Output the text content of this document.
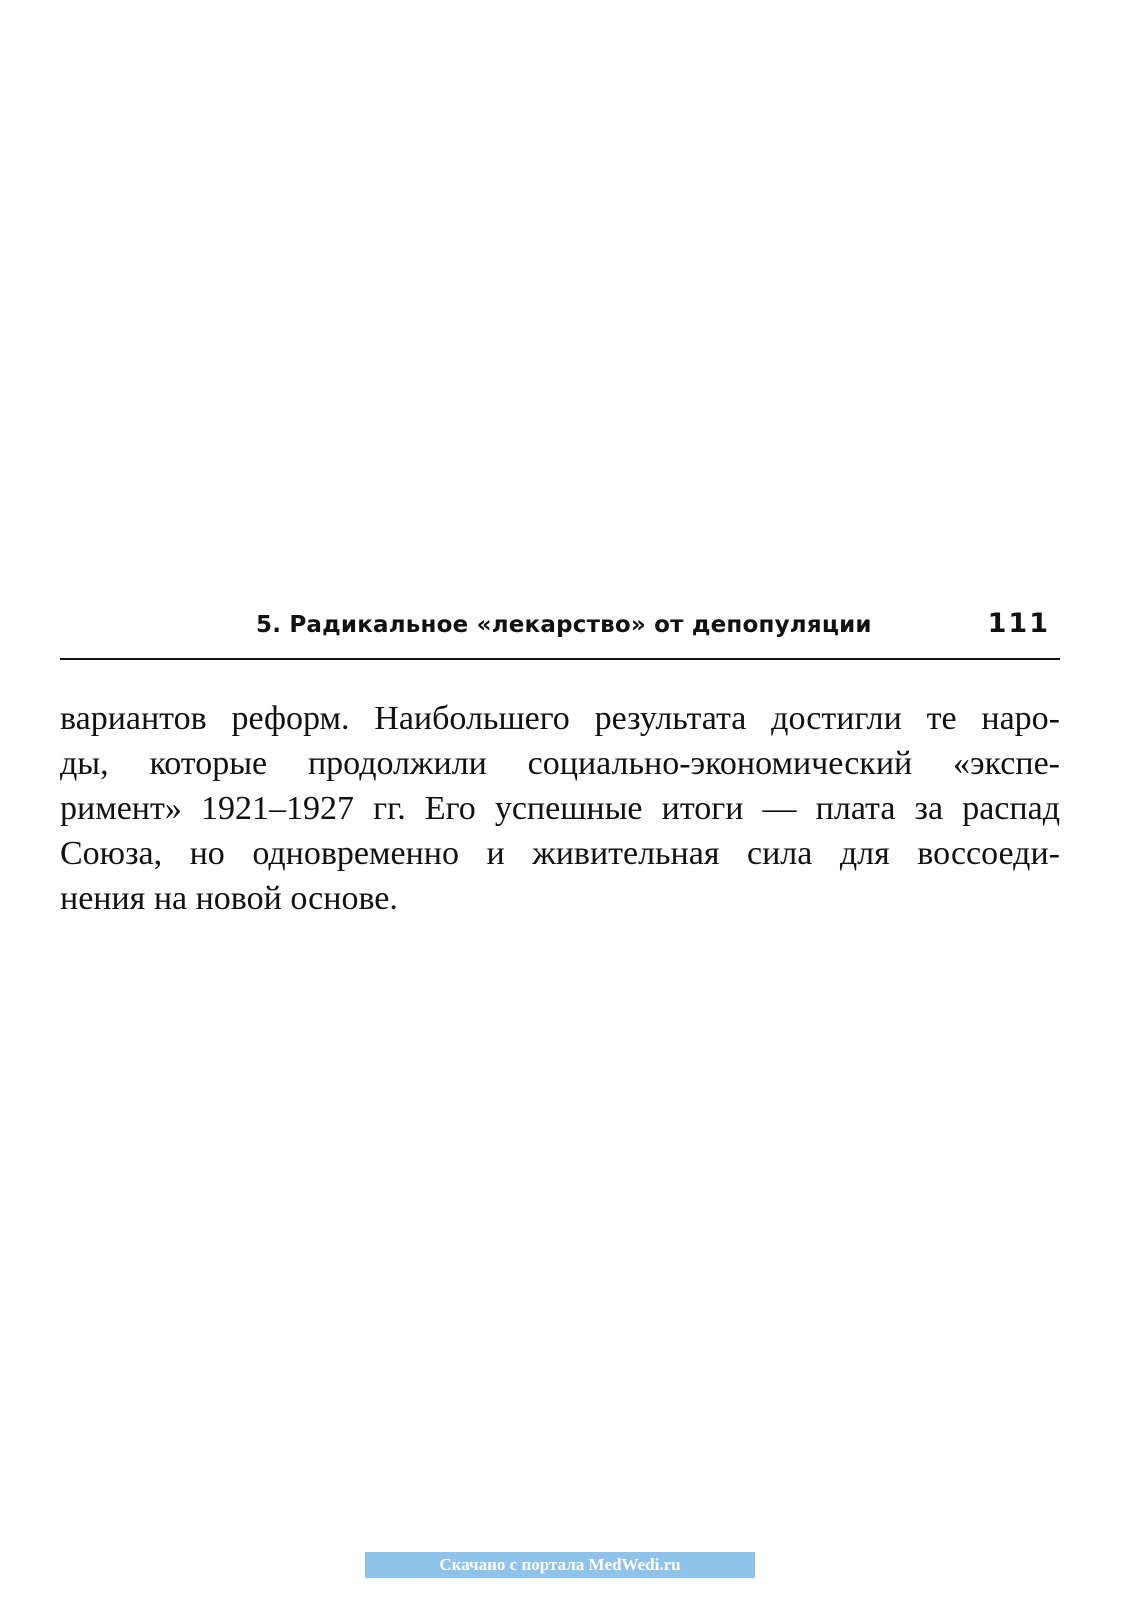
5. Радикальное «лекарство» от депопуляции	111
вариантов реформ. Наибольшего результата достигли те наро-
ды, которые продолжили социально-экономический «экспе-
римент» 1921–1927 гг. Его успешные итоги — плата за распад
Союза, но одновременно и живительная сила для воссоеди-
нения на новой основе.
Скачано с портала MedWedi.ru
